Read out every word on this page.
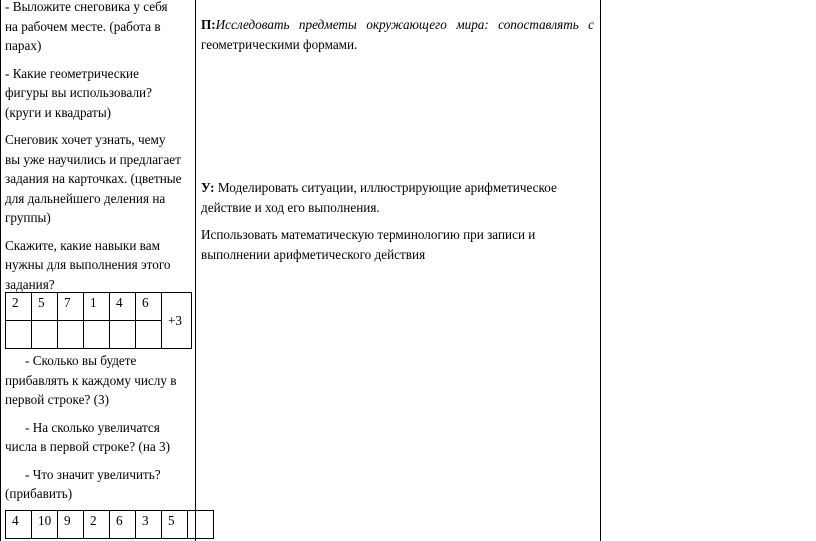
- Выложите снеговика у себя

на рабочем месте. (работа в

парах)

- Какие геометрические

фигуры вы использовали?

(круги и квадраты)

Снеговик хочет узнать, чему

вы уже научились и предлагает

задания на карточках. (цветные

для дальнейшего деления на

группы)

Скажите, какие навыки вам

нужны для выполнения этого

задания?

2	5	7	1	4	6	+3

- Сколько вы будете

прибавлять к каждому числу в

первой строке? (3)

- На сколько увеличатся

числа в первой строке? (на 3)

- Что значит увеличить?

(прибавить)

4	10	9	2	6	3	5	

П:Исследовать предметы окружающего мира: сопоставлять с

геометрическими формами.

У: Моделировать ситуации, иллюстрирующие арифметическое

действие и ход его выполнения.

Использовать математическую терминологию при записи и

выполнении арифметического действия
